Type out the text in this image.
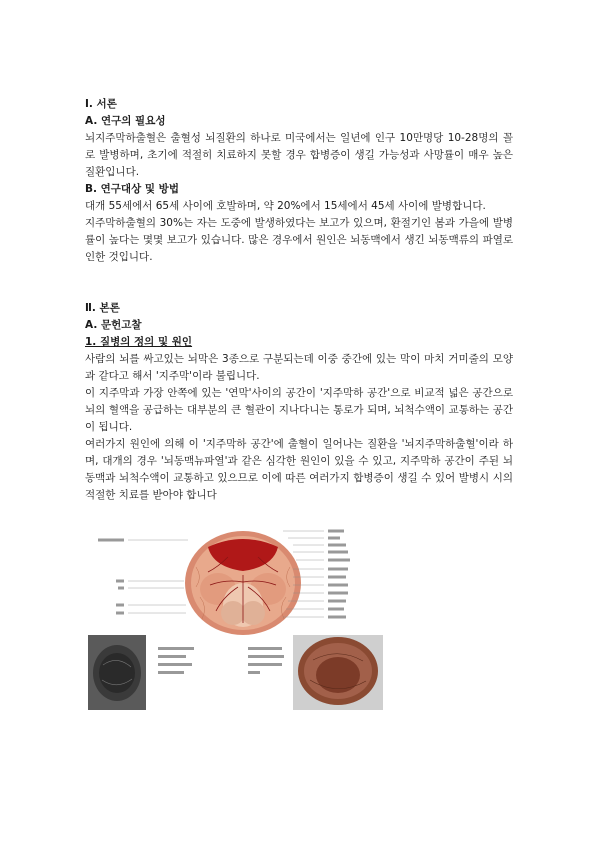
Ⅰ. 서론
A. 연구의 필요성

뇌지주막하출혈은 출혈성 뇌질환의 하나로 미국에서는 일년에 인구 10만명당 10-28명의 꼴로 발병하며, 초기에 적절히 치료하지 못할 경우 합병증이 생길 가능성과 사망률이 매우 높은 질환입니다.

B. 연구대상 및 방법

대개 55세에서 65세 사이에 호발하며, 약 20%에서 15세에서 45세 사이에 발병합니다.

지주막하출혈의 30%는 자는 도중에 발생하였다는 보고가 있으며, 환절기인 봄과 가을에 발병률이 높다는 몇몇 보고가 있습니다. 많은 경우에서 원인은 뇌동맥에서 생긴 뇌동맥류의 파열로 인한 것입니다.

Ⅱ. 본론
A. 문헌고찰
1. 질병의 정의 및 원인

사람의 뇌를 싸고있는 뇌막은 3종으로 구분되는데 이중 중간에 있는 막이 마치 거미줄의 모양과 같다고 해서 '지주막'이라 불립니다.

이 지주막과 가장 안쪽에 있는 '연막'사이의 공간이 '지주막하 공간'으로 비교적 넓은 공간으로 뇌의 혈액을 공급하는 대부분의 큰 혈관이 지나다니는 통로가 되며, 뇌척수액이 교통하는 공간이 됩니다.

여러가지 원인에 의해 이 '지주막하 공간'에 출혈이 일어나는 질환을 '뇌지주막하출혈'이라 하며, 대개의 경우 '뇌동맥뉴파열'과 같은 심각한 원인이 있을 수 있고, 지주막하 공간이 주된 뇌동맥과 뇌척수액이 교통하고 있으므로 이에 따른 여러가지 합병증이 생길 수 있어 발병시 시의적절한 치료를 받아야 합니다
